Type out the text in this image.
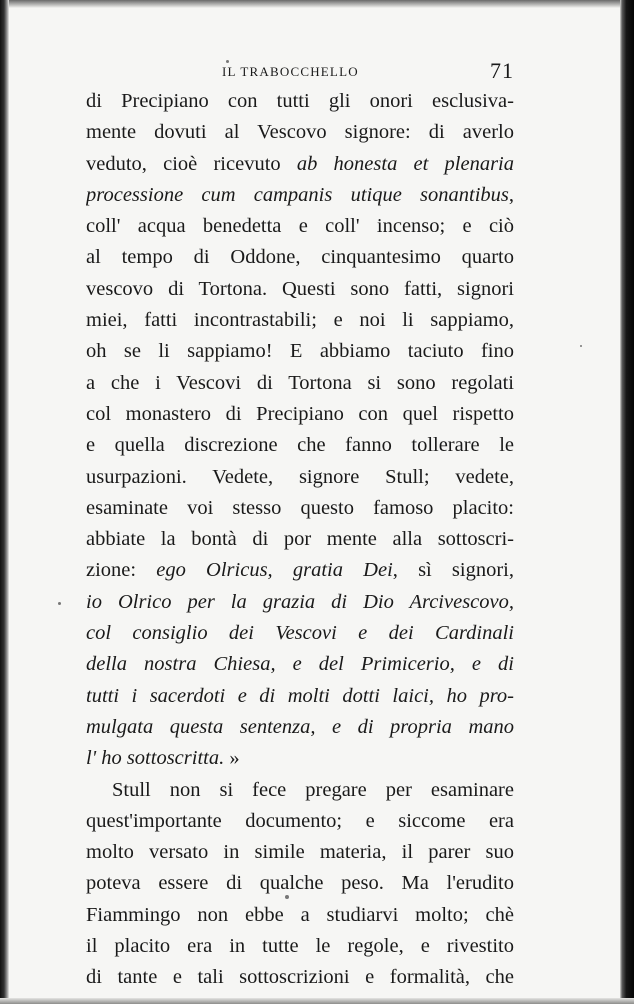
IL TRABOCCHELLO	71
di Precipiano con tutti gli onori esclusiva-
mente dovuti al Vescovo signore: di averlo
veduto, cioè ricevuto ab honesta et plenaria
processione cum campanis utique sonantibus,
coll' acqua benedetta e coll' incenso; e ciò
al tempo di Oddone, cinquantesimo quarto
vescovo di Tortona. Questi sono fatti, signori
miei, fatti incontrastabili; e noi li sappiamo,
oh se li sappiamo! E abbiamo taciuto fino
a che i Vescovi di Tortona si sono regolati
col monastero di Precipiano con quel rispetto
e quella discrezione che fanno tollerare le
usurpazioni. Vedete, signore Stull; vedete,
esaminate voi stesso questo famoso placito:
abbiate la bontà di por mente alla sottoscri-
zione: ego Olricus, gratia Dei, sì signori,
io Olrico per la grazia di Dio Arcivescovo,
col consiglio dei Vescovi e dei Cardinali
della nostra Chiesa, e del Primicerio, e di
tutti i sacerdoti e di molti dotti laici, ho pro-
mulgata questa sentenza, e di propria mano
l' ho sottoscritta. »
Stull non si fece pregare per esaminare
quest'importante documento; e siccome era
molto versato in simile materia, il parer suo
poteva essere di qualche peso. Ma l'erudito
Fiammingo non ebbe a studiarvi molto; chè
il placito era in tutte le regole, e rivestito
di tante e tali sottoscrizioni e formalità, che
